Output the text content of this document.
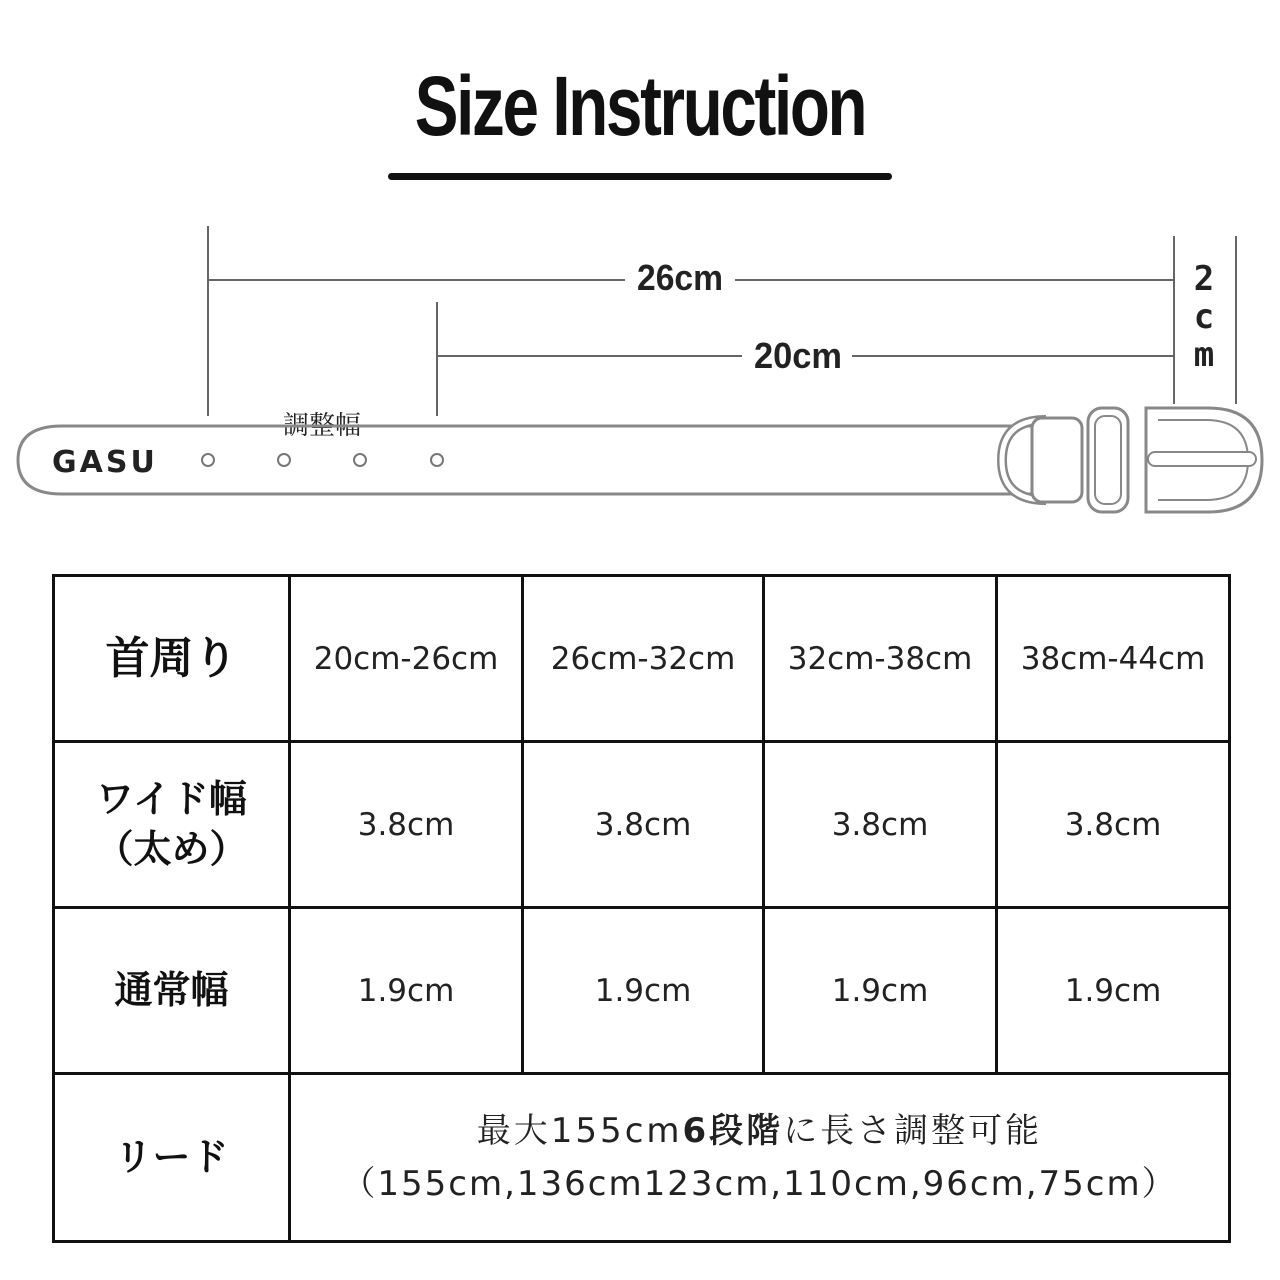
Size Instruction
26cm
20cm
2
c
m
調整幅
GASU
首周り	20cm-26cm	26cm-32cm	32cm-38cm	38cm-44cm

ワイド幅
（太め）	3.8cm	3.8cm	3.8cm	3.8cm
通常幅	1.9cm	1.9cm	1.9cm	1.9cm
リード	最大155cm6段階に長さ調整可能
（155cm,136cm123cm,110cm,96cm,75cm）			
